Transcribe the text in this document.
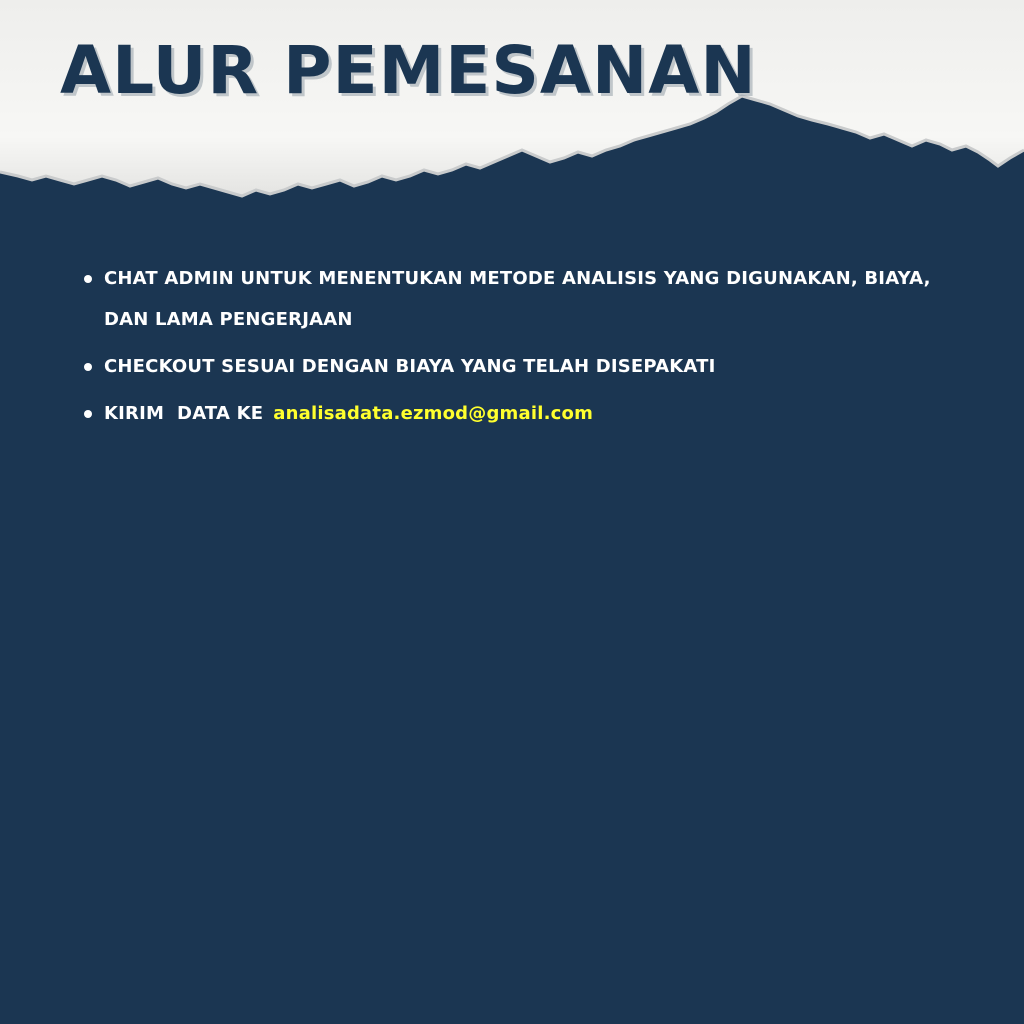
ALUR PEMESANAN
CHAT ADMIN UNTUK MENENTUKAN METODE ANALISIS YANG DIGUNAKAN, BIAYA, DAN LAMA PENGERJAAN
CHECKOUT SESUAI DENGAN BIAYA YANG TELAH DISEPAKATI
KIRIM  DATA KE analisadata.ezmod@gmail.com
